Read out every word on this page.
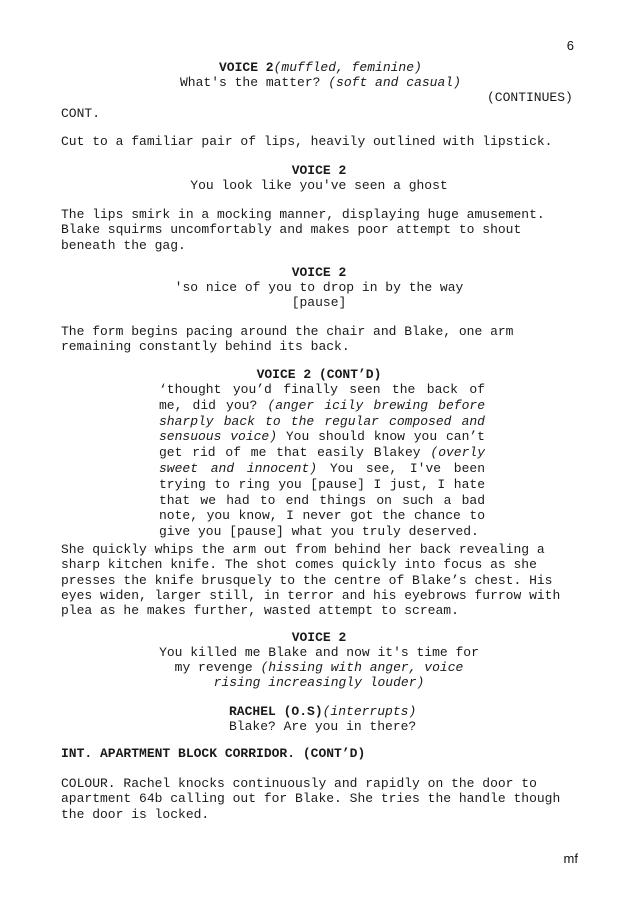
6
VOICE 2(muffled, feminine)
What's the matter? (soft and casual)
(CONTINUES)
CONT.
Cut to a familiar pair of lips, heavily outlined with lipstick.
VOICE 2
You look like you've seen a ghost
The lips smirk in a mocking manner, displaying huge amusement.
Blake squirms uncomfortably and makes poor attempt to shout
beneath the gag.
VOICE 2
'so nice of you to drop in by the way
[pause]
The form begins pacing around the chair and Blake, one arm
remaining constantly behind its back.
VOICE 2 (CONT’D)
‘thought you’d finally seen the back of
me, did you? (anger icily brewing before
sharply back to the regular composed and
sensuous voice) You should know you can’t
get rid of me that easily Blakey (overly
sweet and innocent) You see, I've been
trying to ring you [pause] I just, I hate
that we had to end things on such a bad
note, you know, I never got the chance to
give you [pause] what you truly deserved.
She quickly whips the arm out from behind her back revealing a
sharp kitchen knife. The shot comes quickly into focus as she
presses the knife brusquely to the centre of Blake’s chest. His
eyes widen, larger still, in terror and his eyebrows furrow with
plea as he makes further, wasted attempt to scream.
VOICE 2
You killed me Blake and now it's time for
my revenge (hissing with anger, voice
rising increasingly louder)
RACHEL (O.S)(interrupts)
Blake? Are you in there?
INT. APARTMENT BLOCK CORRIDOR. (CONT’D)
COLOUR. Rachel knocks continuously and rapidly on the door to
apartment 64b calling out for Blake. She tries the handle though
the door is locked.
mf
